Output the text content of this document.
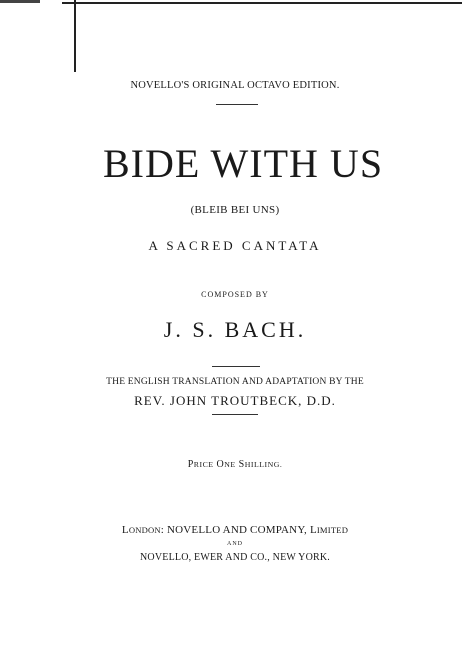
NOVELLO'S ORIGINAL OCTAVO EDITION.
BIDE WITH US
(BLEIB BEI UNS)
A SACRED CANTATA
COMPOSED BY
J. S. BACH.
THE ENGLISH TRANSLATION AND ADAPTATION BY THE
REV. JOHN TROUTBECK, D.D.
PRICE ONE SHILLING.
LONDON: NOVELLO AND COMPANY, LIMITED
AND
NOVELLO, EWER AND CO., NEW YORK.
